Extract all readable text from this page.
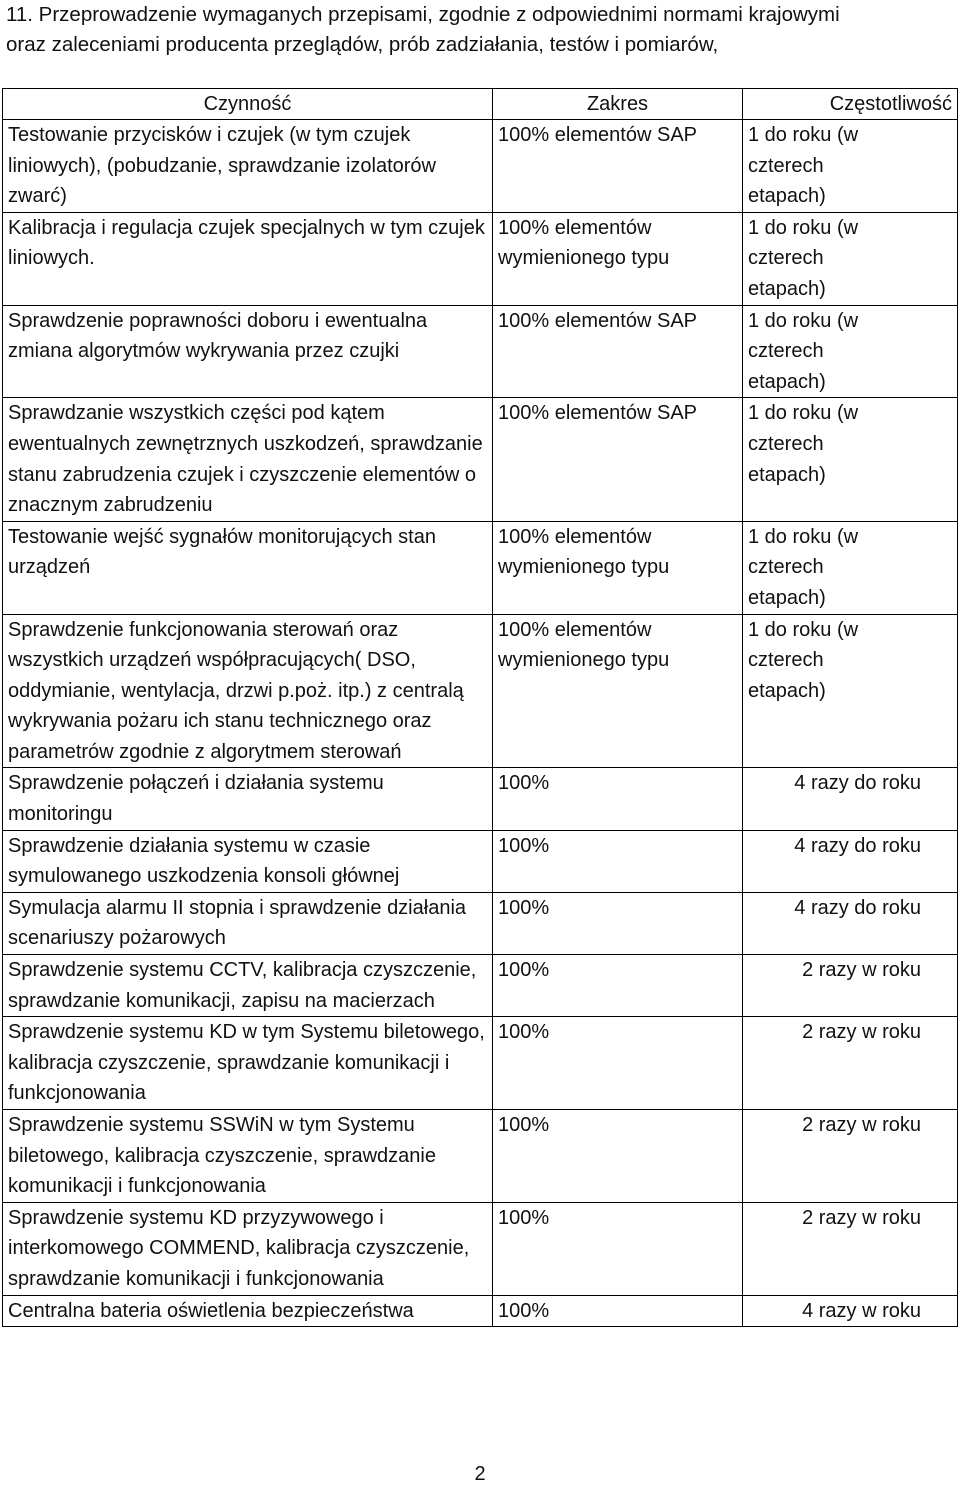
11. Przeprowadzenie wymaganych przepisami, zgodnie z odpowiednimi normami krajowymi

oraz zaleceniami producenta przeglądów, prób zadziałania, testów i pomiarów,

Czynność	Zakres	Częstotliwość
Testowanie przycisków i czujek (w tym czujek liniowych), (pobudzanie, sprawdzanie izolatorów zwarć)	100% elementów SAP	1 do roku (w czterech etapach)
Kalibracja i regulacja czujek specjalnych w tym czujek liniowych.	100% elementów wymienionego typu	1 do roku (w czterech etapach)
Sprawdzenie poprawności doboru i ewentualna zmiana algorytmów wykrywania przez czujki	100% elementów SAP	1 do roku (w czterech etapach)
Sprawdzanie wszystkich części pod kątem ewentualnych zewnętrznych uszkodzeń, sprawdzanie stanu zabrudzenia czujek i czyszczenie elementów o znacznym zabrudzeniu	100% elementów SAP	1 do roku (w czterech etapach)
Testowanie wejść sygnałów monitorujących stan urządzeń	100% elementów wymienionego typu	1 do roku (w czterech etapach)
Sprawdzenie funkcjonowania sterowań oraz wszystkich urządzeń współpracujących( DSO, oddymianie, wentylacja, drzwi p.poż. itp.) z centralą wykrywania pożaru ich stanu technicznego oraz parametrów zgodnie z algorytmem sterowań	100% elementów wymienionego typu	1 do roku (w czterech etapach)
Sprawdzenie połączeń i działania systemu monitoringu	100%	4 razy do roku
Sprawdzenie działania systemu w czasie symulowanego uszkodzenia konsoli głównej	100%	4 razy do roku
Symulacja alarmu II stopnia i sprawdzenie działania scenariuszy pożarowych	100%	4 razy do roku
Sprawdzenie systemu CCTV, kalibracja czyszczenie, sprawdzanie komunikacji, zapisu na macierzach	100%	2 razy w roku
Sprawdzenie systemu KD w tym Systemu biletowego, kalibracja czyszczenie, sprawdzanie komunikacji i funkcjonowania	100%	2 razy w roku
Sprawdzenie systemu SSWiN w tym Systemu biletowego, kalibracja czyszczenie, sprawdzanie komunikacji i funkcjonowania	100%	2 razy w roku
Sprawdzenie systemu KD przyzywowego i interkomowego COMMEND, kalibracja czyszczenie, sprawdzanie komunikacji i funkcjonowania	100%	2 razy w roku
Centralna bateria oświetlenia bezpieczeństwa	100%	4 razy w roku
2
